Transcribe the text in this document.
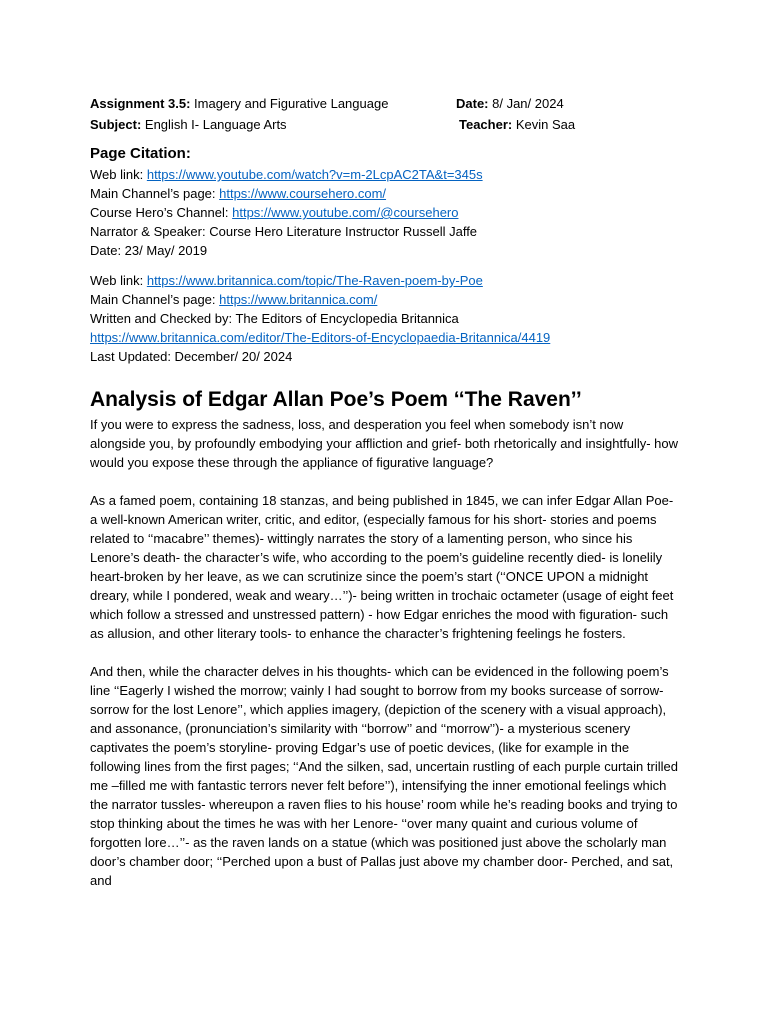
Assignment 3.5: Imagery and Figurative Language	Date: 8/ Jan/ 2024
Subject: English I- Language Arts	Teacher: Kevin Saa
Page Citation:
Web link: https://www.youtube.com/watch?v=m-2LcpAC2TA&t=345s
Main Channel’s page: https://www.coursehero.com/
Course Hero’s Channel: https://www.youtube.com/@coursehero
Narrator & Speaker: Course Hero Literature Instructor Russell Jaffe
Date: 23/ May/ 2019
Web link: https://www.britannica.com/topic/The-Raven-poem-by-Poe
Main Channel’s page: https://www.britannica.com/
Written and Checked by: The Editors of Encyclopedia Britannica
https://www.britannica.com/editor/The-Editors-of-Encyclopaedia-Britannica/4419
Last Updated: December/ 20/ 2024
Analysis of Edgar Allan Poe’s Poem ‘‘The Raven’’

If you were to express the sadness, loss, and desperation you feel when somebody isn’t now alongside you, by profoundly embodying your affliction and grief- both rhetorically and insightfully- how would you expose these through the appliance of figurative language?

As a famed poem, containing 18 stanzas, and being published in 1845, we can infer Edgar Allan Poe- a well-known American writer, critic, and editor, (especially famous for his short- stories and poems related to ‘‘macabre’’ themes)- wittingly narrates the story of a lamenting person, who since his Lenore’s death- the character’s wife, who according to the poem’s guideline recently died- is lonelily heart-broken by her leave, as we can scrutinize since the poem’s start (‘‘ONCE UPON a midnight dreary, while I pondered, weak and weary…’’)- being written in trochaic octameter (usage of eight feet which follow a stressed and unstressed pattern) - how Edgar enriches the mood with figuration- such as allusion, and other literary tools- to enhance the character’s frightening feelings he fosters.

And then, while the character delves in his thoughts- which can be evidenced in the following poem’s line ‘‘Eagerly I wished the morrow; vainly I had sought to borrow from my books surcease of sorrow- sorrow for the lost Lenore’’, which applies imagery, (depiction of the scenery with a visual approach), and assonance, (pronunciation’s similarity with ‘‘borrow’’ and ‘‘morrow’’)- a mysterious scenery captivates the poem’s storyline- proving Edgar’s use of poetic devices, (like for example in the following lines from the first pages; ‘‘And the silken, sad, uncertain rustling of each purple curtain trilled me –filled me with fantastic terrors never felt before’’), intensifying the inner emotional feelings which the narrator tussles- whereupon a raven flies to his house’ room while he’s reading books and trying to stop thinking about the times he was with her Lenore- ‘‘over many quaint and curious volume of forgotten lore…’’- as the raven lands on a statue (which was positioned just above the scholarly man door’s chamber door; ‘‘Perched upon a bust of Pallas just above my chamber door- Perched, and sat, and
